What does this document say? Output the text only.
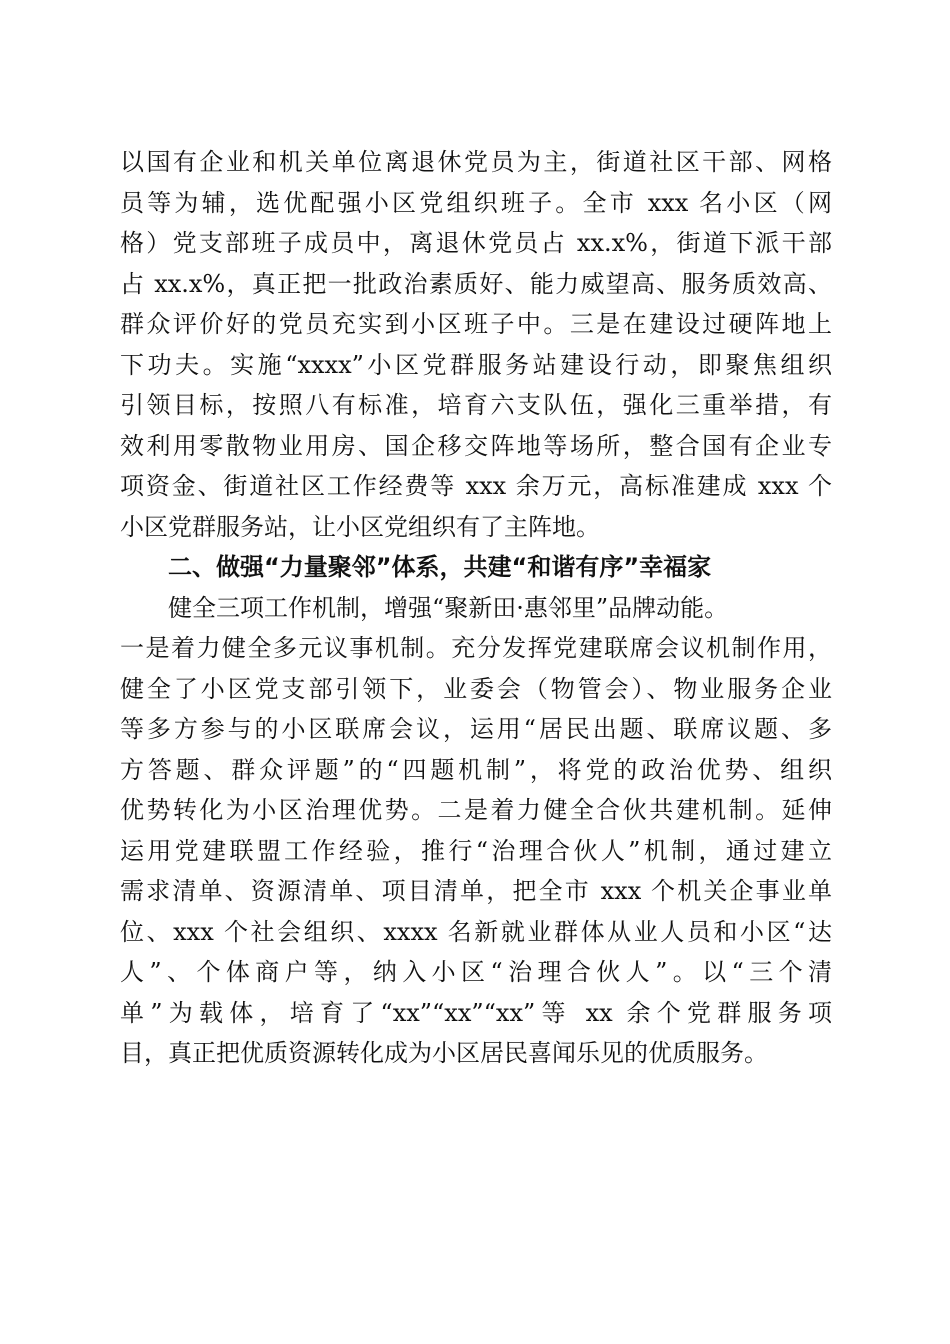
以国有企业和机关单位离退休党员为主，街道社区干部、网格
员等为辅，选优配强小区党组织班子。全市 xxx 名小区（网
格）党支部班子成员中，离退休党员占 xx.x%，街道下派干部
占 xx.x%，真正把一批政治素质好、能力威望高、服务质效高、
群众评价好的党员充实到小区班子中。三是在建设过硬阵地上
下功夫。实施“xxxx”小区党群服务站建设行动，即聚焦组织
引领目标，按照八有标准，培育六支队伍，强化三重举措，有
效利用零散物业用房、国企移交阵地等场所，整合国有企业专
项资金、街道社区工作经费等 xxx 余万元，高标准建成 xxx 个
小区党群服务站，让小区党组织有了主阵地。
二、做强“力量聚邻”体系，共建“和谐有序”幸福家
健全三项工作机制，增强“聚新田·惠邻里”品牌动能。
一是着力健全多元议事机制。充分发挥党建联席会议机制作用，
健全了小区党支部引领下，业委会（物管会）、物业服务企业
等多方参与的小区联席会议，运用“居民出题、联席议题、多
方答题、群众评题”的“四题机制”，将党的政治优势、组织
优势转化为小区治理优势。二是着力健全合伙共建机制。延伸
运用党建联盟工作经验，推行“治理合伙人”机制，通过建立
需求清单、资源清单、项目清单，把全市 xxx 个机关企事业单
位、xxx 个社会组织、xxxx 名新就业群体从业人员和小区“达
人”、个体商户等，纳入小区“治理合伙人”。以“三个清
单”为载体，培育了“xx”“xx”“xx”等 xx 余个党群服务项
目，真正把优质资源转化成为小区居民喜闻乐见的优质服务。
